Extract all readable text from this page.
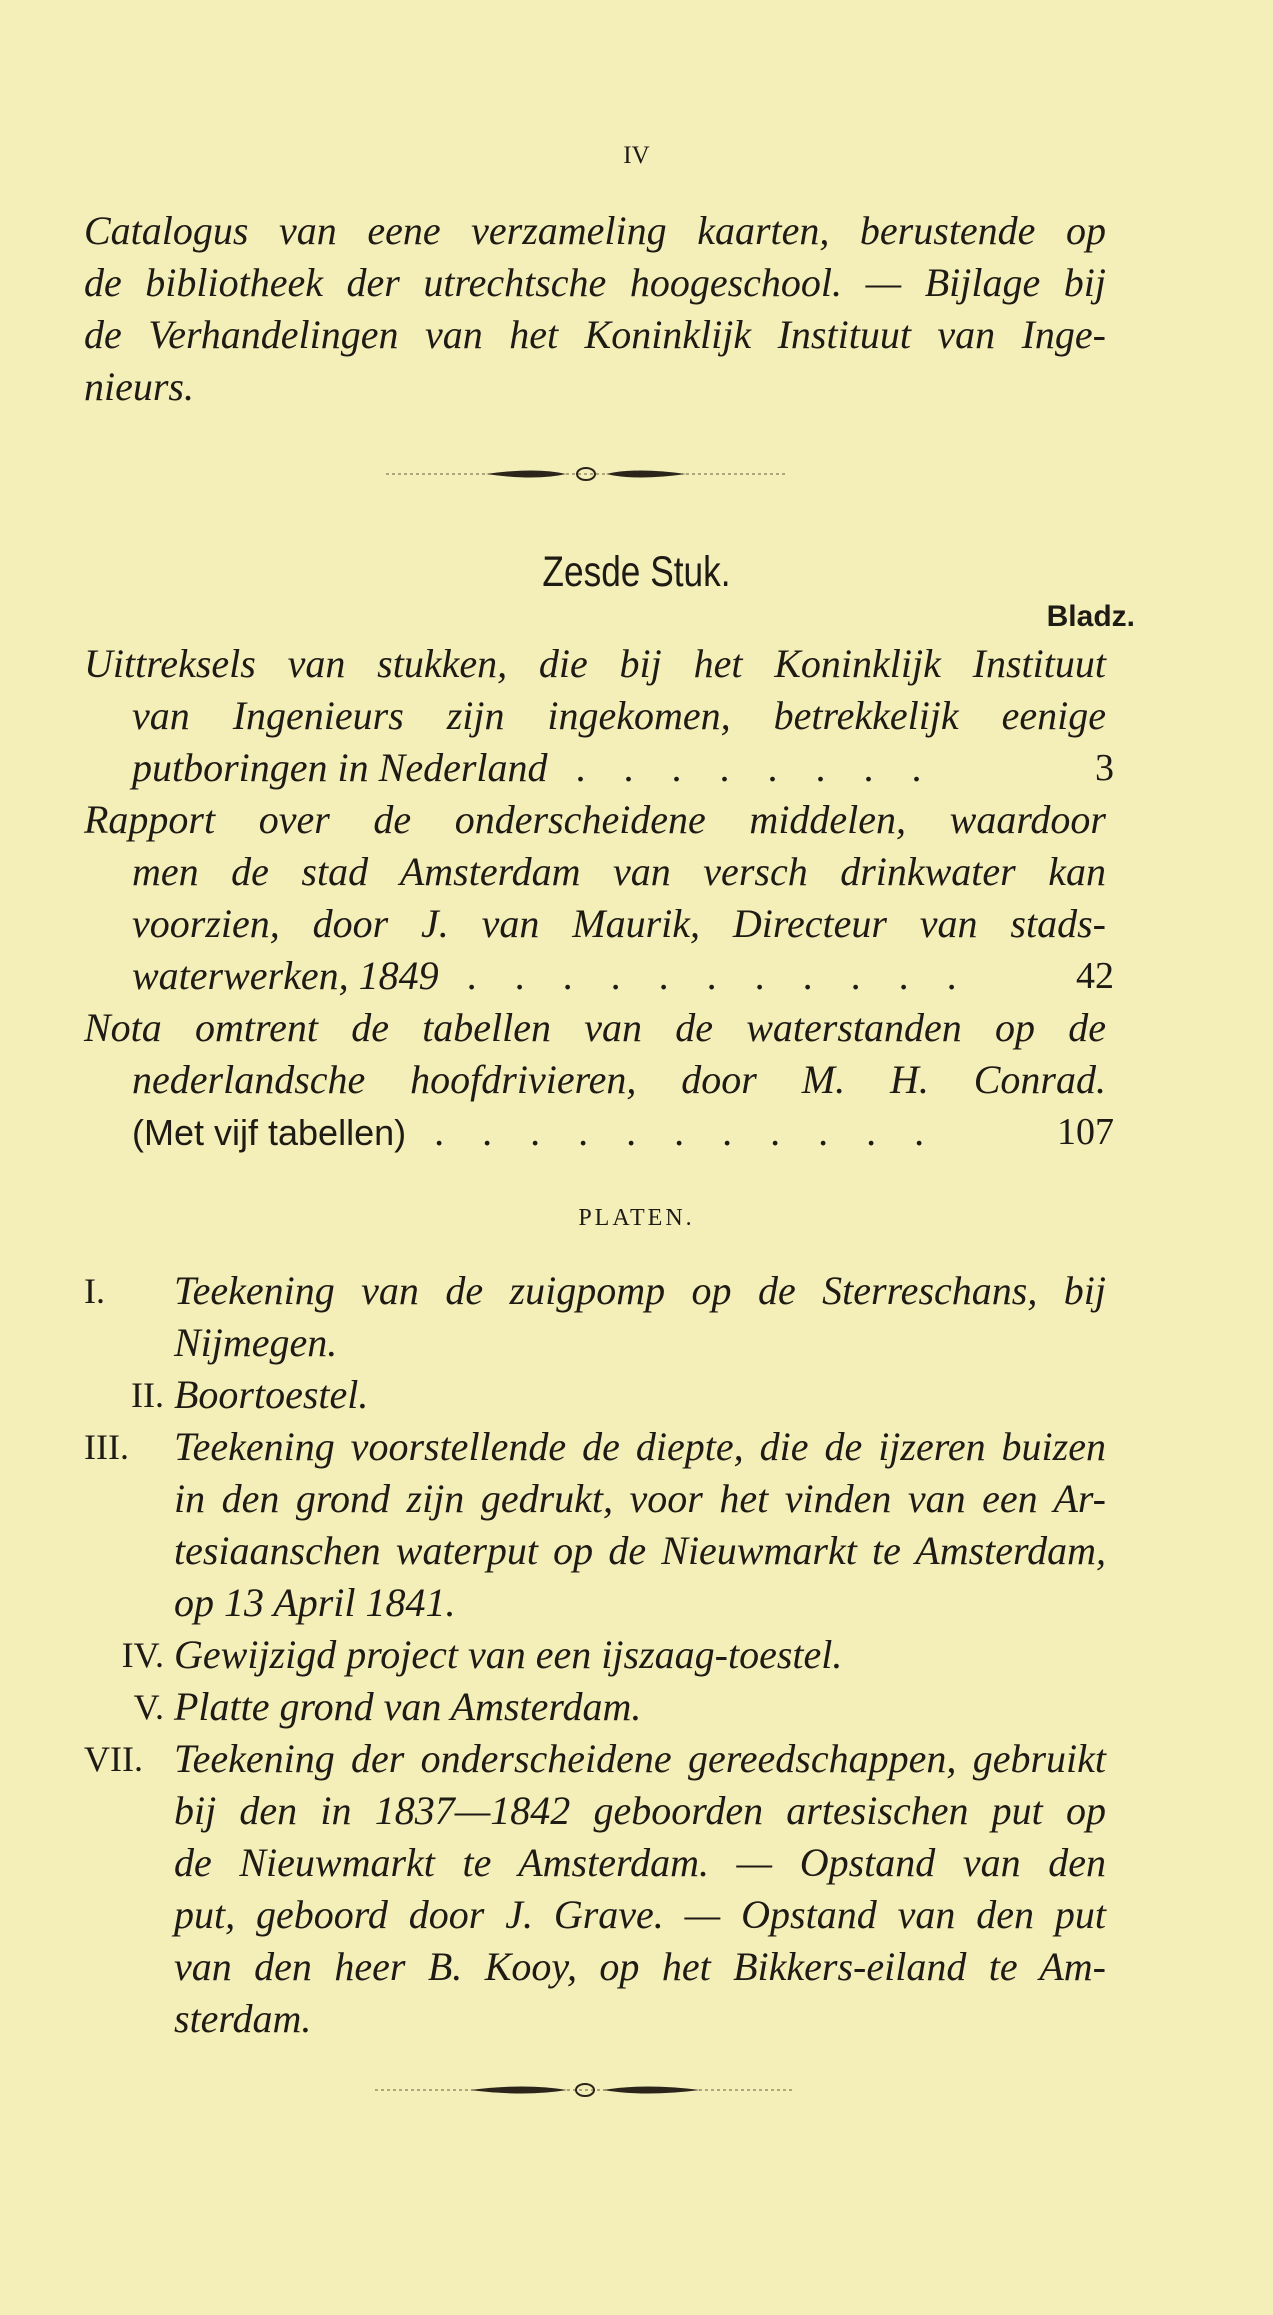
IV
Catalogus van eene verzameling kaarten, berustende op
de bibliotheek der utrechtsche hoogeschool. — Bijlage bij
de Verhandelingen van het Koninklijk Instituut van Inge-
nieurs.
Zesde Stuk.
Bladz.
Uittreksels van stukken, die bij het Koninklijk Instituut
van Ingenieurs zijn ingekomen, betrekkelijk eenige
putboringen in Nederland . . . . . . . .	3
Rapport over de onderscheidene middelen, waardoor
men de stad Amsterdam van versch drinkwater kan
voorzien, door J. van Maurik, Directeur van stads-
waterwerken, 1849 . . . . . . . . . . .	42
Nota omtrent de tabellen van de waterstanden op de
nederlandsche hoofdrivieren, door M. H. Conrad.
(Met vijf tabellen) . . . . . . . . . . .	107
PLATEN.
I.	Teekening van de zuigpomp op de Sterreschans, bij
Nijmegen.
II. Boortoestel.
III.	Teekening voorstellende de diepte, die de ijzeren buizen
in den grond zijn gedrukt, voor het vinden van een Ar-
tesiaanschen waterput op de Nieuwmarkt te Amsterdam,
op 13 April 1841.
IV. Gewijzigd project van een ijszaag-toestel.
V. Platte grond van Amsterdam.
VII. Teekening der onderscheidene gereedschappen, gebruikt
bij den in 1837—1842 geboorden artesischen put op
de Nieuwmarkt te Amsterdam. — Opstand van den
put, geboord door J. Grave. — Opstand van den put
van den heer B. Kooy, op het Bikkers-eiland te Am-
sterdam.
